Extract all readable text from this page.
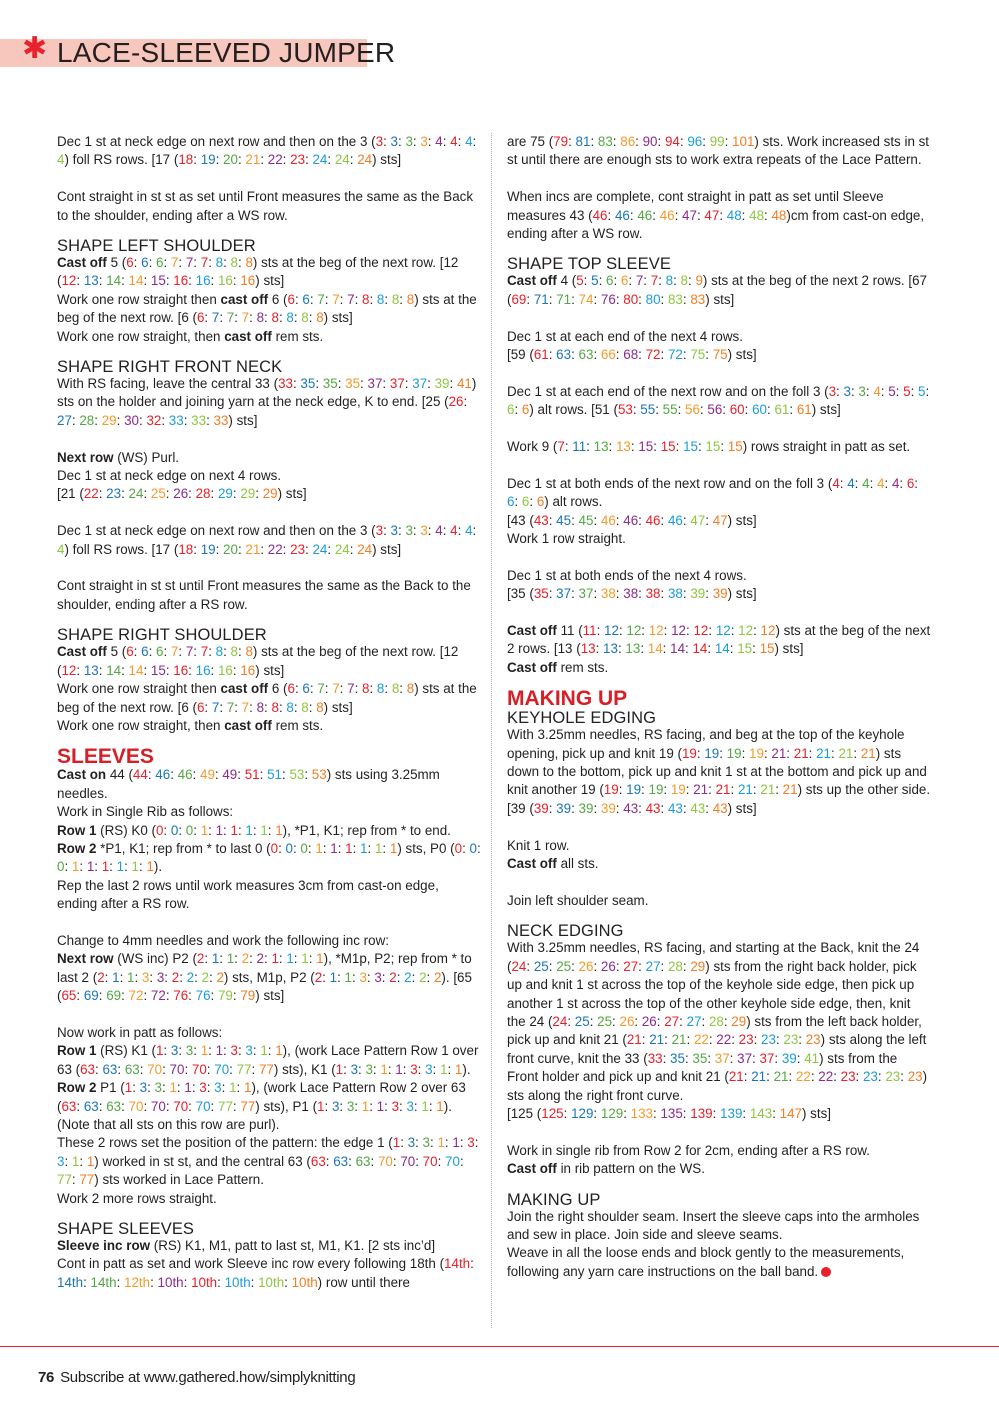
✱ LACE-SLEEVED JUMPER
Dec 1 st at neck edge on next row and then on the 3 (3: 3: 3: 3: 4: 4: 4: 4) foll RS rows. [17 (18: 19: 20: 21: 22: 23: 24: 24: 24) sts]
Cont straight in st st as set until Front measures the same as the Back to the shoulder, ending after a WS row.
SHAPE LEFT SHOULDER
Cast off 5 (6: 6: 6: 7: 7: 7: 8: 8: 8) sts at the beg of the next row. [12 (12: 13: 14: 14: 15: 16: 16: 16: 16) sts]
Work one row straight then cast off 6 (6: 6: 7: 7: 7: 8: 8: 8: 8) sts at the beg of the next row. [6 (6: 7: 7: 7: 8: 8: 8: 8: 8) sts]
Work one row straight, then cast off rem sts.
SHAPE RIGHT FRONT NECK
With RS facing, leave the central 33 (33: 35: 35: 35: 37: 37: 37: 39: 41) sts on the holder and joining yarn at the neck edge, K to end. [25 (26: 27: 28: 29: 30: 32: 33: 33: 33) sts]
Next row (WS) Purl.
Dec 1 st at neck edge on next 4 rows.
[21 (22: 23: 24: 25: 26: 28: 29: 29: 29) sts]
Dec 1 st at neck edge on next row and then on the 3 (3: 3: 3: 3: 4: 4: 4: 4) foll RS rows. [17 (18: 19: 20: 21: 22: 23: 24: 24: 24) sts]
Cont straight in st st until Front measures the same as the Back to the shoulder, ending after a RS row.
SHAPE RIGHT SHOULDER
Cast off 5 (6: 6: 6: 7: 7: 7: 8: 8: 8) sts at the beg of the next row. [12 (12: 13: 14: 14: 15: 16: 16: 16: 16) sts]
Work one row straight then cast off 6 (6: 6: 7: 7: 7: 8: 8: 8: 8) sts at the beg of the next row. [6 (6: 7: 7: 7: 8: 8: 8: 8: 8) sts]
Work one row straight, then cast off rem sts.
SLEEVES
Cast on 44 (44: 46: 46: 49: 49: 51: 51: 53: 53) sts using 3.25mm needles.
Work in Single Rib as follows:
Row 1 (RS) K0 (0: 0: 0: 1: 1: 1: 1: 1: 1), *P1, K1; rep from * to end.
Row 2 *P1, K1; rep from * to last 0 (0: 0: 0: 1: 1: 1: 1: 1: 1) sts, P0 (0: 0: 0: 1: 1: 1: 1: 1: 1).
Rep the last 2 rows until work measures 3cm from cast-on edge, ending after a RS row.
Change to 4mm needles and work the following inc row:
Next row (WS inc) P2 (2: 1: 1: 2: 2: 1: 1: 1: 1), *M1p, P2; rep from * to last 2 (2: 1: 1: 3: 3: 2: 2: 2: 2) sts, M1p, P2 (2: 1: 1: 3: 3: 2: 2: 2: 2). [65 (65: 69: 69: 72: 72: 76: 76: 79: 79) sts]
Now work in patt as follows:
Row 1 (RS) K1 (1: 3: 3: 1: 1: 3: 3: 1: 1), (work Lace Pattern Row 1 over 63 (63: 63: 63: 70: 70: 70: 70: 77: 77) sts), K1 (1: 3: 3: 1: 1: 3: 3: 1: 1).
Row 2 P1 (1: 3: 3: 1: 1: 3: 3: 1: 1), (work Lace Pattern Row 2 over 63 (63: 63: 63: 70: 70: 70: 70: 77: 77) sts), P1 (1: 3: 3: 1: 1: 3: 3: 1: 1). (Note that all sts on this row are purl).
These 2 rows set the position of the pattern: the edge 1 (1: 3: 3: 1: 1: 3: 3: 1: 1) worked in st st, and the central 63 (63: 63: 63: 70: 70: 70: 70: 77: 77) sts worked in Lace Pattern.
Work 2 more rows straight.
SHAPE SLEEVES
Sleeve inc row (RS) K1, M1, patt to last st, M1, K1. [2 sts inc’d]
Cont in patt as set and work Sleeve inc row every following 18th (14th: 14th: 14th: 12th: 10th: 10th: 10th: 10th: 10th) row until there
are 75 (79: 81: 83: 86: 90: 94: 96: 99: 101) sts. Work increased sts in st st until there are enough sts to work extra repeats of the Lace Pattern.
When incs are complete, cont straight in patt as set until Sleeve measures 43 (46: 46: 46: 46: 47: 47: 48: 48: 48)cm from cast-on edge, ending after a WS row.
SHAPE TOP SLEEVE
Cast off 4 (5: 5: 6: 6: 7: 7: 8: 8: 9) sts at the beg of the next 2 rows. [67 (69: 71: 71: 74: 76: 80: 80: 83: 83) sts]
Dec 1 st at each end of the next 4 rows.
[59 (61: 63: 63: 66: 68: 72: 72: 75: 75) sts]
Dec 1 st at each end of the next row and on the foll 3 (3: 3: 3: 4: 5: 5: 5: 6: 6) alt rows. [51 (53: 55: 55: 56: 56: 60: 60: 61: 61) sts]
Work 9 (7: 11: 13: 13: 15: 15: 15: 15: 15) rows straight in patt as set.
Dec 1 st at both ends of the next row and on the foll 3 (4: 4: 4: 4: 4: 6: 6: 6: 6) alt rows.
[43 (43: 45: 45: 46: 46: 46: 46: 47: 47) sts]
Work 1 row straight.
Dec 1 st at both ends of the next 4 rows.
[35 (35: 37: 37: 38: 38: 38: 38: 39: 39) sts]
Cast off 11 (11: 12: 12: 12: 12: 12: 12: 12: 12) sts at the beg of the next 2 rows. [13 (13: 13: 13: 14: 14: 14: 14: 15: 15) sts]
Cast off rem sts.
MAKING UP
KEYHOLE EDGING
With 3.25mm needles, RS facing, and beg at the top of the keyhole opening, pick up and knit 19 (19: 19: 19: 19: 21: 21: 21: 21: 21) sts down to the bottom, pick up and knit 1 st at the bottom and pick up and knit another 19 (19: 19: 19: 19: 21: 21: 21: 21: 21) sts up the other side. [39 (39: 39: 39: 39: 43: 43: 43: 43: 43) sts]
Knit 1 row.
Cast off all sts.
Join left shoulder seam.
NECK EDGING
With 3.25mm needles, RS facing, and starting at the Back, knit the 24 (24: 25: 25: 26: 26: 27: 27: 28: 29) sts from the right back holder, pick up and knit 1 st across the top of the keyhole side edge, then pick up another 1 st across the top of the other keyhole side edge, then, knit the 24 (24: 25: 25: 26: 26: 27: 27: 28: 29) sts from the left back holder, pick up and knit 21 (21: 21: 21: 22: 22: 23: 23: 23: 23) sts along the left front curve, knit the 33 (33: 35: 35: 37: 37: 37: 39: 41) sts from the Front holder and pick up and knit 21 (21: 21: 21: 22: 22: 23: 23: 23: 23) sts along the right front curve.
[125 (125: 129: 129: 133: 135: 139: 139: 143: 147) sts]
Work in single rib from Row 2 for 2cm, ending after a RS row.
Cast off in rib pattern on the WS.
MAKING UP
Join the right shoulder seam. Insert the sleeve caps into the armholes and sew in place. Join side and sleeve seams.
Weave in all the loose ends and block gently to the measurements, following any yarn care instructions on the ball band.
76 Subscribe at www.gathered.how/simplyknitting
